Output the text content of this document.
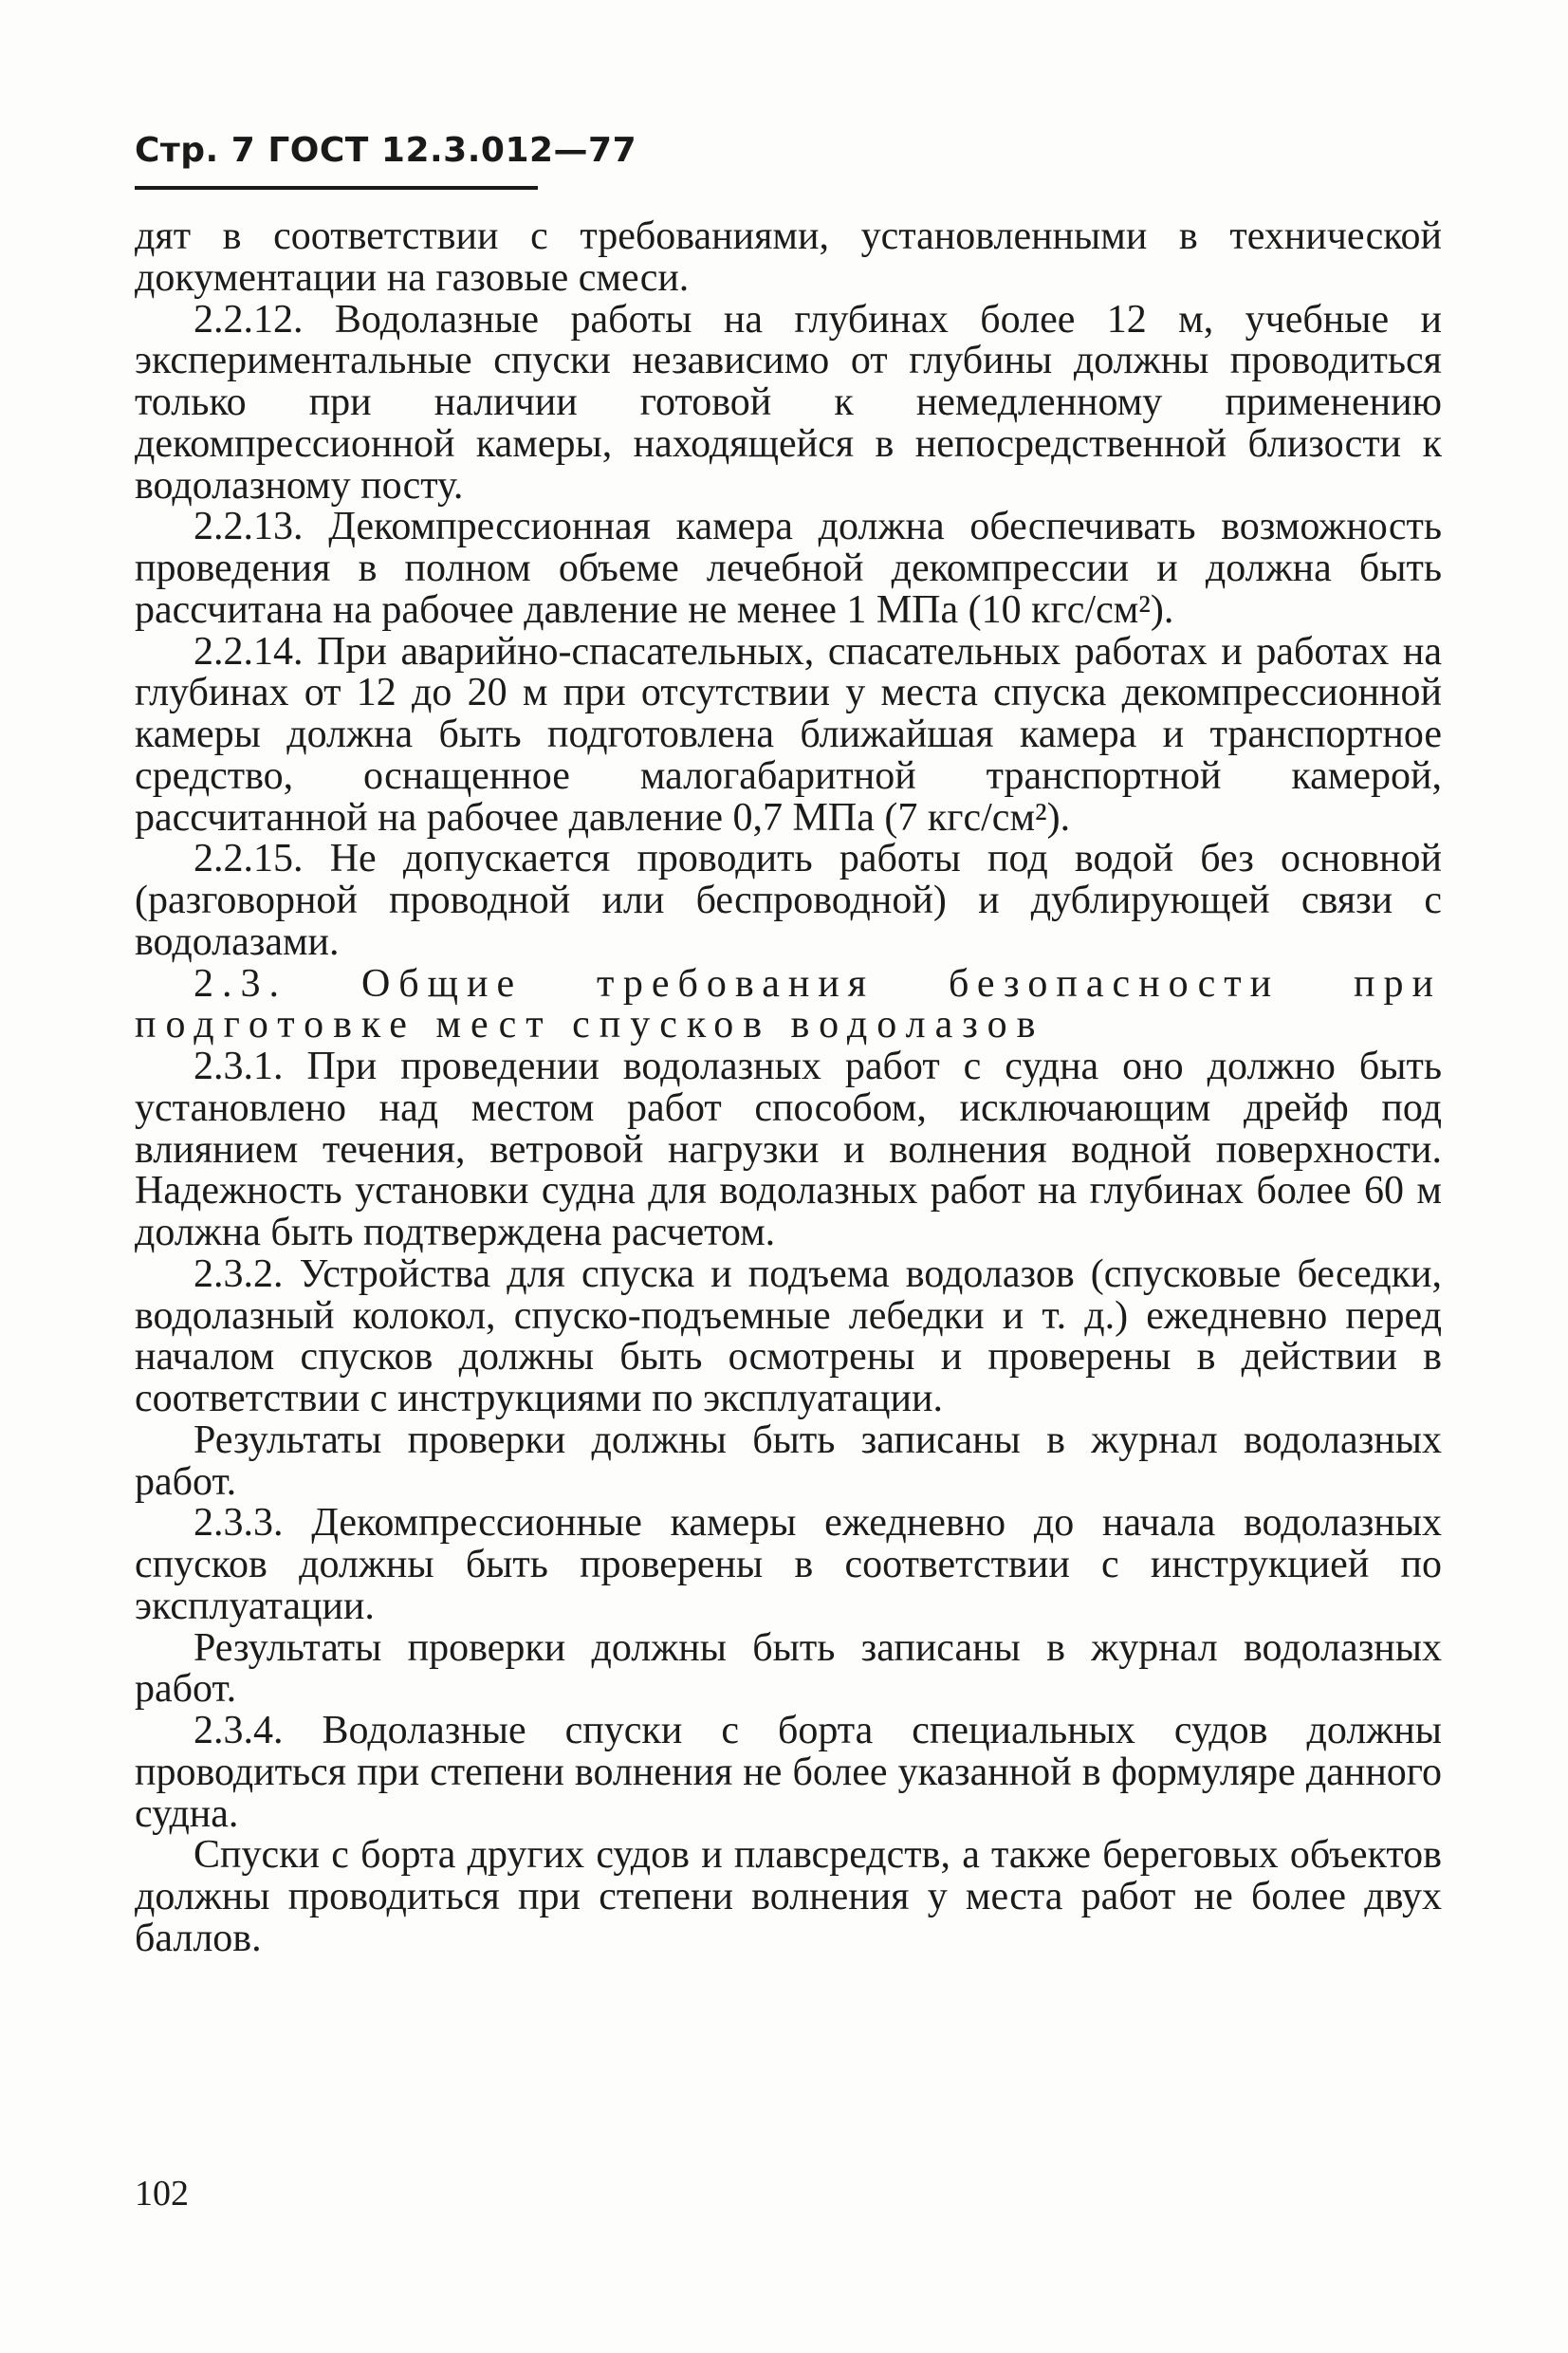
Стр. 7 ГОСТ 12.3.012—77

дят в соответствии с требованиями, установленными в технической документации на газовые смеси.

2.2.12. Водолазные работы на глубинах более 12 м, учебные и экспериментальные спуски независимо от глубины должны проводиться только при наличии готовой к немедленному применению декомпрессионной камеры, находящейся в непосредственной близости к водолазному посту.

2.2.13. Декомпрессионная камера должна обеспечивать возможность проведения в полном объеме лечебной декомпрессии и должна быть рассчитана на рабочее давление не менее 1 МПа (10 кгс/см²).

2.2.14. При аварийно-спасательных, спасательных работах и работах на глубинах от 12 до 20 м при отсутствии у места спуска декомпрессионной камеры должна быть подготовлена ближайшая камера и транспортное средство, оснащенное малогабаритной транспортной камерой, рассчитанной на рабочее давление 0,7 МПа (7 кгс/см²).

2.2.15. Не допускается проводить работы под водой без основной (разговорной проводной или беспроводной) и дублирующей связи с водолазами.

2.3. Общие требования безопасности при

подготовке мест спусков водолазов

2.3.1. При проведении водолазных работ с судна оно должно быть установлено над местом работ способом, исключающим дрейф под влиянием течения, ветровой нагрузки и волнения водной поверхности. Надежность установки судна для водолазных работ на глубинах более 60 м должна быть подтверждена расчетом.

2.3.2. Устройства для спуска и подъема водолазов (спусковые беседки, водолазный колокол, спуско-подъемные лебедки и т. д.) ежедневно перед началом спусков должны быть осмотрены и проверены в действии в соответствии с инструкциями по эксплуатации.

Результаты проверки должны быть записаны в журнал водолазных работ.

2.3.3. Декомпрессионные камеры ежедневно до начала водолазных спусков должны быть проверены в соответствии с инструкцией по эксплуатации.

Результаты проверки должны быть записаны в журнал водолазных работ.

2.3.4. Водолазные спуски с борта специальных судов должны проводиться при степени волнения не более указанной в формуляре данного судна.

Спуски с борта других судов и плавсредств, а также береговых объектов должны проводиться при степени волнения у места работ не более двух баллов.

102
